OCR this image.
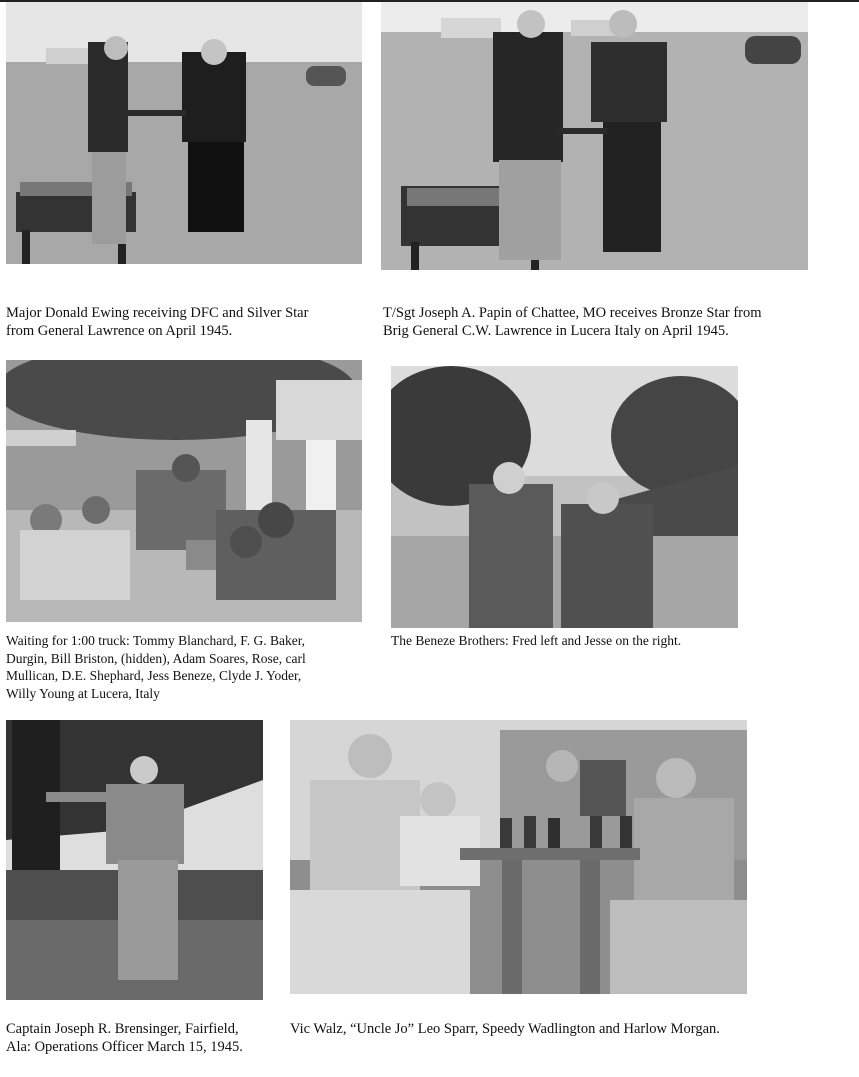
Major Donald Ewing receiving DFC and Silver Star
from General Lawrence on April 1945.
T/Sgt Joseph A. Papin of Chattee, MO receives Bronze Star from
Brig General C.W. Lawrence in Lucera Italy on April 1945.
Waiting for 1:00 truck: Tommy Blanchard, F. G. Baker,
Durgin, Bill Briston, (hidden), Adam Soares, Rose, carl
Mullican, D.E. Shephard, Jess Beneze, Clyde J. Yoder,
Willy Young at Lucera, Italy
The Beneze Brothers: Fred left and Jesse on the right.
Captain Joseph R. Brensinger, Fairfield,
Ala: Operations Officer March 15, 1945.
Vic Walz, “Uncle Jo” Leo Sparr, Speedy Wadlington and Harlow Morgan.
